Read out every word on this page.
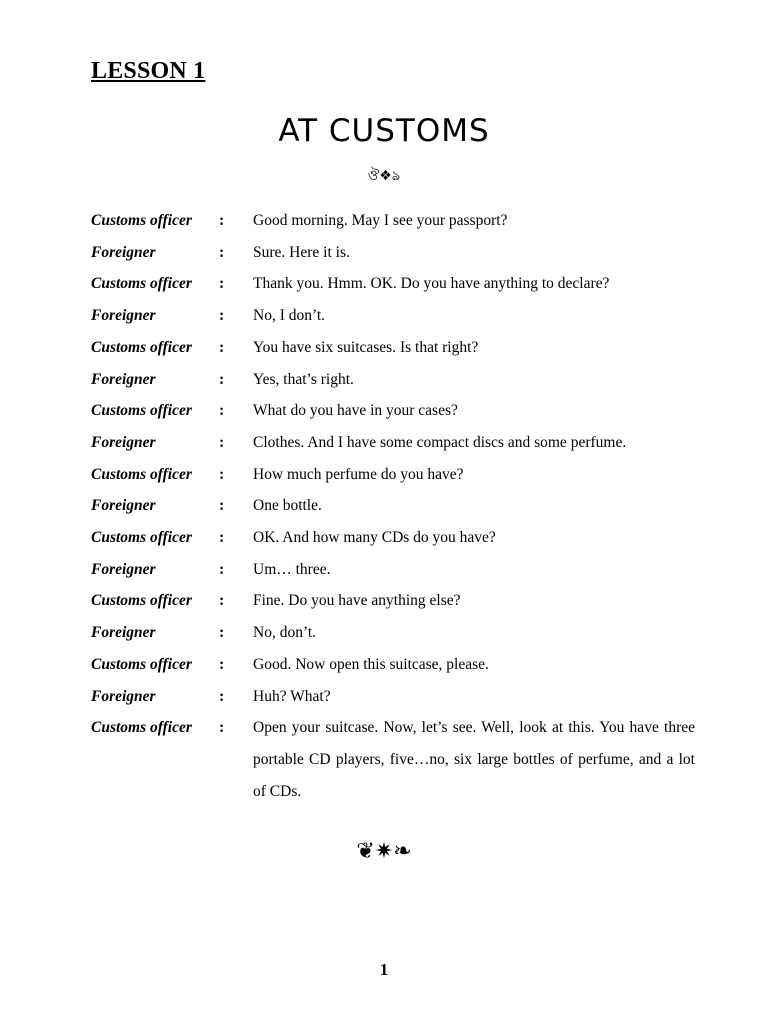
LESSON 1
AT CUSTOMS
ঔ❖ঌ
Customs officer	:	Good morning. May I see your passport?
Foreigner	:	Sure. Here it is.
Customs officer	:	Thank you. Hmm. OK. Do you have anything to declare?
Foreigner	:	No, I don’t.
Customs officer	:	You have six suitcases. Is that right?
Foreigner	:	Yes, that’s right.
Customs officer	:	What do you have in your cases?
Foreigner	:	Clothes. And I have some compact discs and some perfume.
Customs officer	:	How much perfume do you have?
Foreigner	:	One bottle.
Customs officer	:	OK. And how many CDs do you have?
Foreigner	:	Um… three.
Customs officer	:	Fine. Do you have anything else?
Foreigner	:	No, don’t.
Customs officer	:	Good. Now open this suitcase, please.
Foreigner	:	Huh? What?
Customs officer	:	Open your suitcase. Now, let’s see. Well, look at this. You have three portable CD players, five…no, six large bottles of perfume, and a lot of CDs.
❦✷❧
1
